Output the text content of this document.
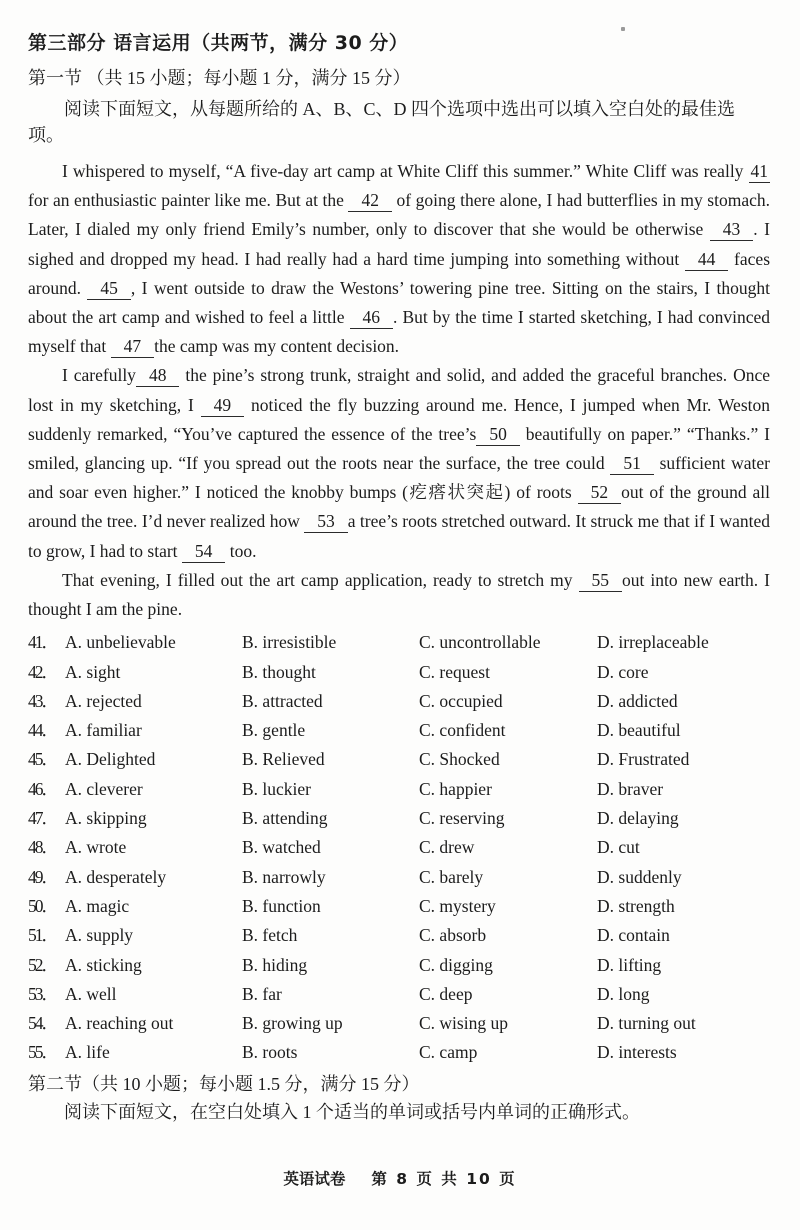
第三部分 语言运用（共两节，满分 30 分）
第一节 （共 15 小题；每小题 1 分，满分 15 分）
阅读下面短文，从每题所给的 A、B、C、D 四个选项中选出可以填入空白处的最佳选项。

I whispered to myself, “A five-day art camp at White Cliff this summer.” White Cliff was really 41 for an enthusiastic painter like me. But at the 42 of going there alone, I had butterflies in my stomach. Later, I dialed my only friend Emily’s number, only to discover that she would be otherwise 43 . I sighed and dropped my head. I had really had a hard time jumping into something without 44 faces around. 45 , I went outside to draw the Westons’ towering pine tree. Sitting on the stairs, I thought about the art camp and wished to feel a little 46 . But by the time I started sketching, I had convinced myself that 47 the camp was my content decision.

I carefully 48 the pine’s strong trunk, straight and solid, and added the graceful branches. Once lost in my sketching, I 49 noticed the fly buzzing around me. Hence, I jumped when Mr. Weston suddenly remarked, “You’ve captured the essence of the tree’s 50 beautifully on paper.” “Thanks.” I smiled, glancing up. “If you spread out the roots near the surface, the tree could 51 sufficient water and soar even higher.” I noticed the knobby bumps (疙瘩状突起) of roots 52 out of the ground all around the tree. I’d never realized how 53 a tree’s roots stretched outward. It struck me that if I wanted to grow, I had to start 54 too.

That evening, I filled out the art camp application, ready to stretch my 55 out into new earth. I thought I am the pine.

41． A. unbelievable	B. irresistible	C. uncontrollable	D. irreplaceable
42． A. sight	B. thought	C. request	D. core
43． A. rejected	B. attracted	C. occupied	D. addicted
44． A. familiar	B. gentle	C. confident	D. beautiful
45． A. Delighted	B. Relieved	C. Shocked	D. Frustrated
46． A. cleverer	B. luckier	C. happier	D. braver
47． A. skipping	B. attending	C. reserving	D. delaying
48． A. wrote	B. watched	C. drew	D. cut
49． A. desperately	B. narrowly	C. barely	D. suddenly
50． A. magic	B. function	C. mystery	D. strength
51． A. supply	B. fetch	C. absorb	D. contain
52． A. sticking	B. hiding	C. digging	D. lifting
53． A. well	B. far	C. deep	D. long
54． A. reaching out	B. growing up	C. wising up	D. turning out
55． A. life	B. roots	C. camp	D. interests
第二节（共 10 小题；每小题 1.5 分，满分 15 分）
阅读下面短文，在空白处填入 1 个适当的单词或括号内单词的正确形式。
英语试卷 第 8 页 共 10 页
